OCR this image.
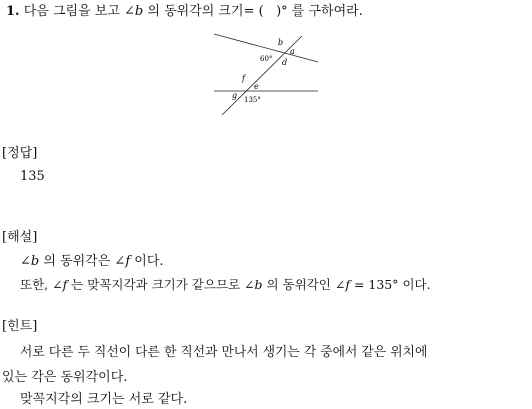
1. 다음 그림을 보고 ∠b 의 동위각의 크기= ( )° 를 구하여라.
b
a
60° d
f
e
g 135°
[정답]
135
[해설]
∠b 의 동위각은 ∠f 이다.
또한, ∠f 는 맞꼭지각과 크기가 같으므로 ∠b 의 동위각인 ∠f = 135° 이다.
[힌트]
서로 다른 두 직선이 다른 한 직선과 만나서 생기는 각 중에서 같은 위치에
있는 각은 동위각이다.
맞꼭지각의 크기는 서로 같다.
